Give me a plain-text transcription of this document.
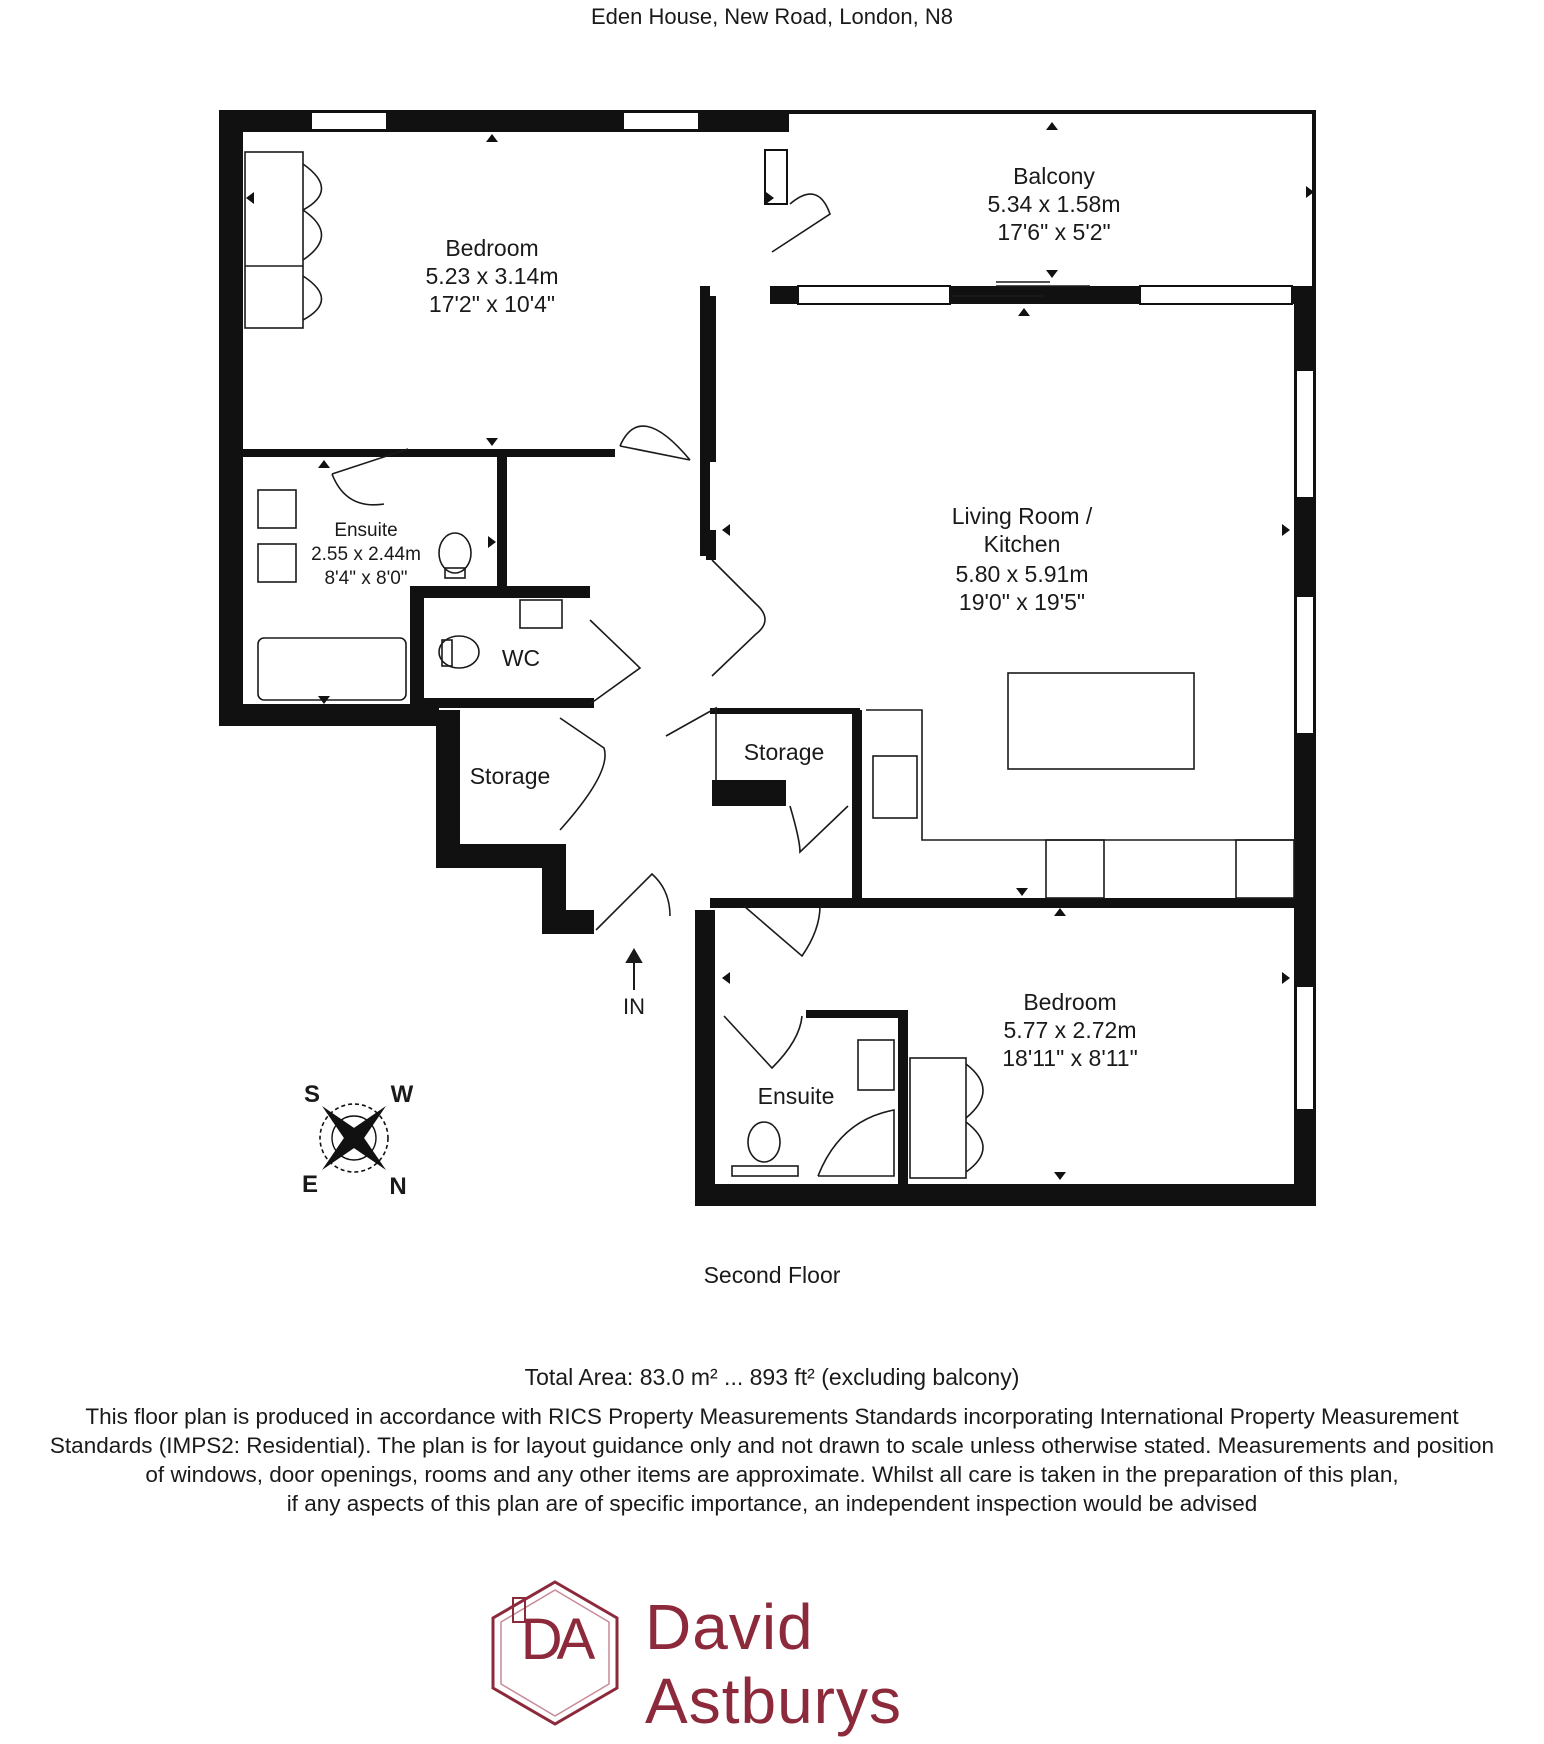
Eden House, New Road, London, N8
Bedroom
5.23 x 3.14m
17'2" x 10'4"
Balcony
5.34 x 1.58m
17'6" x 5'2"
Ensuite
2.55 x 2.44m
8'4" x 8'0"
Living Room /
Kitchen
5.80 x 5.91m
19'0" x 19'5"
WC
Storage
Storage
Bedroom
5.77 x 2.72m
18'11" x 8'11"
Ensuite
IN
S	W
E	N
Second Floor
Total Area: 83.0 m² ... 893 ft² (excluding balcony)
This floor plan is produced in accordance with RICS Property Measurements Standards incorporating International Property Measurement
Standards (IMPS2: Residential). The plan is for layout guidance only and not drawn to scale unless otherwise stated. Measurements and position
of windows, door openings, rooms and any other items are approximate. Whilst all care is taken in the preparation of this plan,
if any aspects of this plan are of specific importance, an independent inspection would be advised
DA David Astburys
